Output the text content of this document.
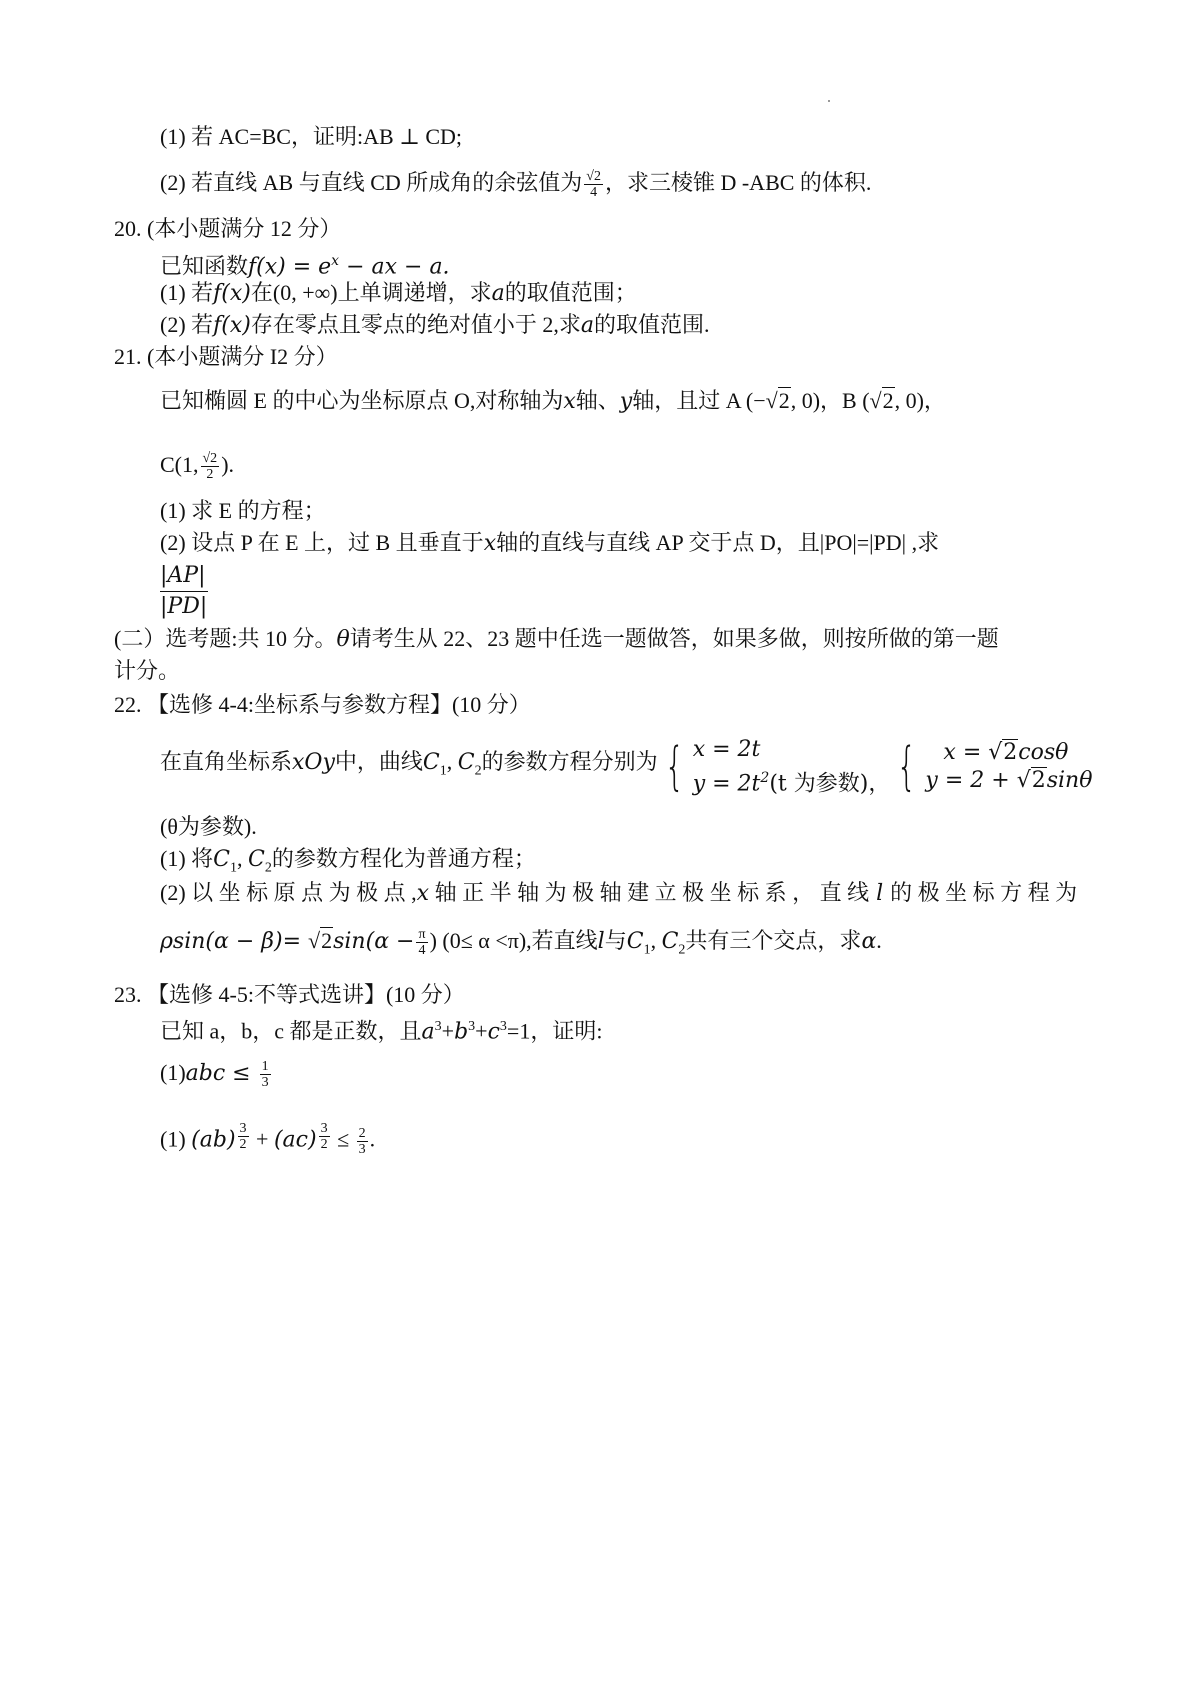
(1) 若 AC=BC，证明:AB ⊥ CD;
(2) 若直线 AB 与直线 CD 所成角的余弦值为 $\frac{√2}{4}$ ，求三棱锥 D -ABC 的体积.
20. (本小题满分 12 分）
已知函数$f(x) = e^x$ − ax − a.
(1) 若f(x)在(0, +∞)上单调递增，求a的取值范围；
(2) 若f(x)存在零点且零点的绝对值小于 2,求a的取值范围.
21. (本小题满分 I2 分）
已知椭圆 E 的中心为坐标原点 O,对称轴为x轴、y轴，且过 A (−√2, 0)，B (√2, 0)，
C(1, $\frac{√2}{2}$ ).
(1) 求 E 的方程；
(2) 设点 P 在 E 上，过 B 且垂直于x轴的直线与直线 AP 交于点 D，且|PO|=|PD| ,求
$\frac{|AP|}{|PD|}$
(二）选考题:共 10 分。θ请考生从 22、23 题中任选一题做答，如果多做，则按所做的第一题
计分。
22. 【选修 4-4:坐标系与参数方程】(10 分）
在直角坐标系xOy中，曲线$C_1$, $C_2$的参数方程分别为 { x = 2t
$y = 2t^2(t$ 为参数)， {	x = √2cosθ
y = 2 + √2sinθ
(θ为参数).
(1) 将$C_1$, $C_2$的参数方程化为普通方程；
(2) 以 坐 标 原 点 为 极 点 ,x 轴 正 半 轴 为 极 轴 建 立 极 坐 标 系 ， 直 线 l 的 极 坐 标 方 程 为
$\rho\sin(\alpha - \beta)= √2\sin(\alpha - \frac{\pi}{4}$ ) (0≤ α <π),若直线l与$C_1$, $C_2$共有三个交点，求α.
23. 【选修 4-5:不等式选讲】(10 分）
已知 a，b，c 都是正数，且$a^3+b^3+c^3=1$，证明:
$(1)abc \le \frac{1}{3}$
(1) (ab) $^{\frac{3}{2}}$ + (ac) $^{\frac{3}{2}} \le \frac{2}{3}$ .
